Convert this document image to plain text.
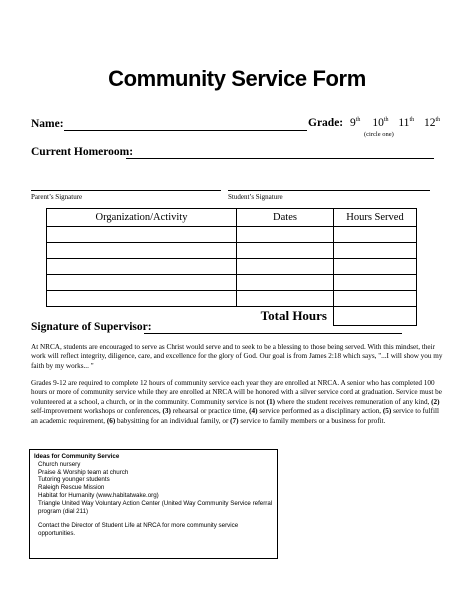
Community Service Form
Name:	Grade: 9th 10th 11th 12th
(circle one)
Current Homeroom:
Parent’s Signature	Student’s Signature
Organization/Activity	Dates	Hours Served

Total Hours		
Signature of Supervisor:
At NRCA, students are encouraged to serve as Christ would serve and to seek to be a blessing to those being served. With this mindset, their work will reflect integrity, diligence, care, and excellence for the glory of God. Our goal is from James 2:18 which says, "...I will show you my faith by my works... "
Grades 9-12 are required to complete 12 hours of community service each year they are enrolled at NRCA. A senior who has completed 100 hours or more of community service while they are enrolled at NRCA will be honored with a silver service cord at graduation. Service must be volunteered at a school, a church, or in the community. Community service is not (1) where the student receives remuneration of any kind, (2) self-improvement workshops or conferences, (3) rehearsal or practice time, (4) service performed as a disciplinary action, (5) service to fulfill an academic requirement, (6) babysitting for an individual family, or (7) service to family members or a business for profit.
Ideas for Community Service
Church nursery
Praise & Worship team at church
Tutoring younger students
Raleigh Rescue Mission
Habitat for Humanity (www.habitatwake.org)
Triangle United Way Voluntary Action Center (United Way Community Service referral program (dial 211)
Contact the Director of Student Life at NRCA for more community service opportunities.
